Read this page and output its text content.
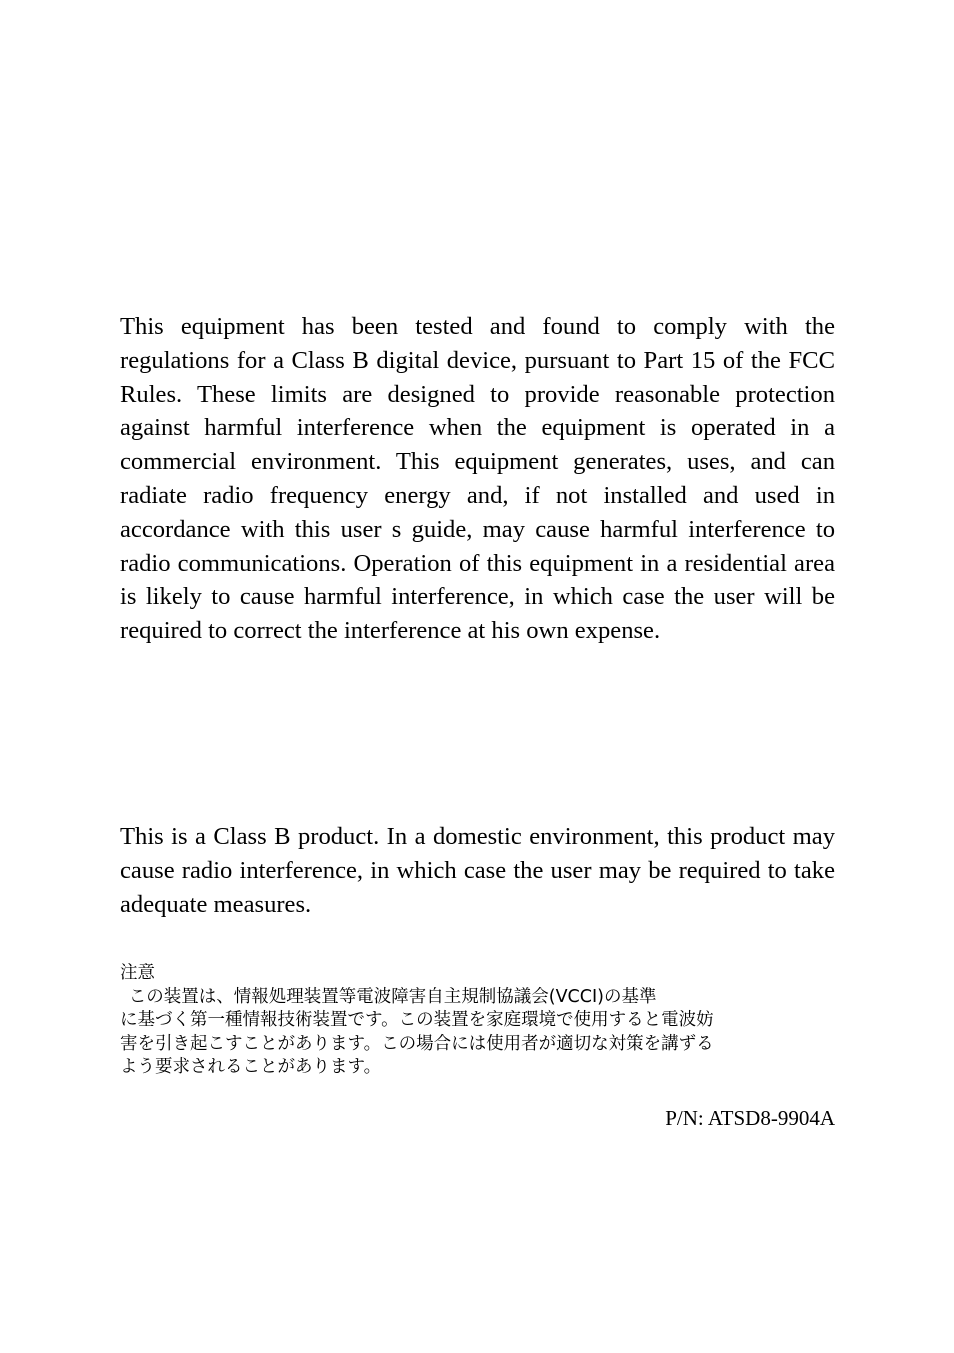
This equipment has been tested and found to comply with the regulations for a Class B digital device, pursuant to Part 15 of the FCC Rules. These limits are designed to provide reasonable protection against harmful interference when the equipment is operated in a commercial environment. This equipment generates, uses, and can radiate radio frequency energy and, if not installed and used in accordance with this user s guide, may cause harmful interference to radio communications. Operation of this equipment in a residential area is likely to cause harmful interference, in which case the user will be required to correct the interference at his own expense.

This is a Class B product. In a domestic environment, this product may cause radio interference, in which case the user may be required to take adequate measures.

注意
この装置は、情報処理装置等電波障害自主規制協議会(VCCI)の基準
に基づく第一種情報技術装置です。この装置を家庭環境で使用すると電波妨
害を引き起こすことがあります。この場合には使用者が適切な対策を講ずる
よう要求されることがあります。
P/N: ATSD8-9904A
